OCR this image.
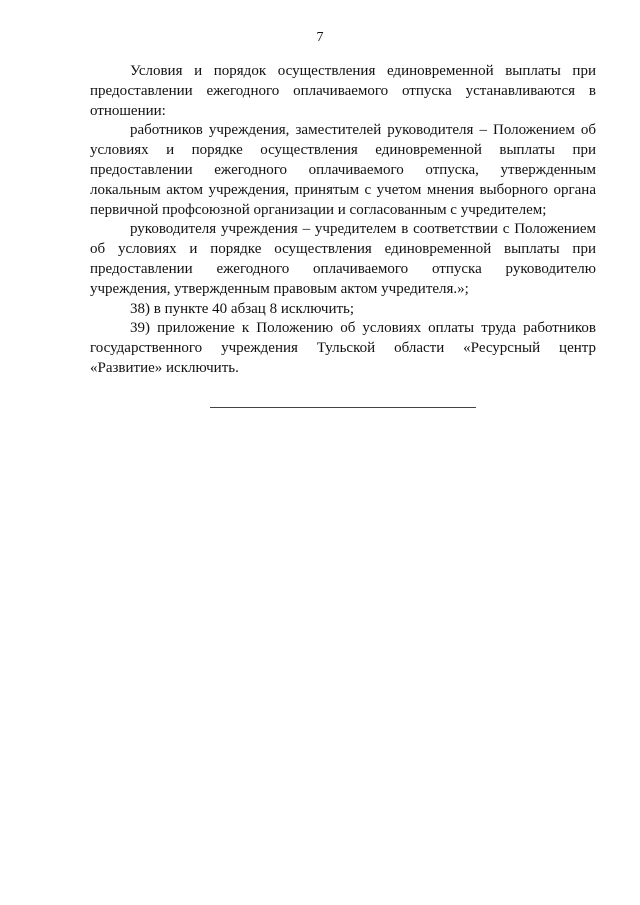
7

Условия и порядок осуществления единовременной выплаты при предоставлении ежегодного оплачиваемого отпуска устанавливаются в отношении:

работников учреждения, заместителей руководителя – Положением об условиях и порядке осуществления единовременной выплаты при предоставлении ежегодного оплачиваемого отпуска, утвержденным локальным актом учреждения, принятым с учетом мнения выборного органа первичной профсоюзной организации и согласованным с учредителем;

руководителя учреждения – учредителем в соответствии с Положением об условиях и порядке осуществления единовременной выплаты при предоставлении ежегодного оплачиваемого отпуска руководителю учреждения, утвержденным правовым актом учредителя.»;

38) в пункте 40 абзац 8 исключить;

39) приложение к Положению об условиях оплаты труда работников государственного учреждения Тульской области «Ресурсный центр «Развитие» исключить.
